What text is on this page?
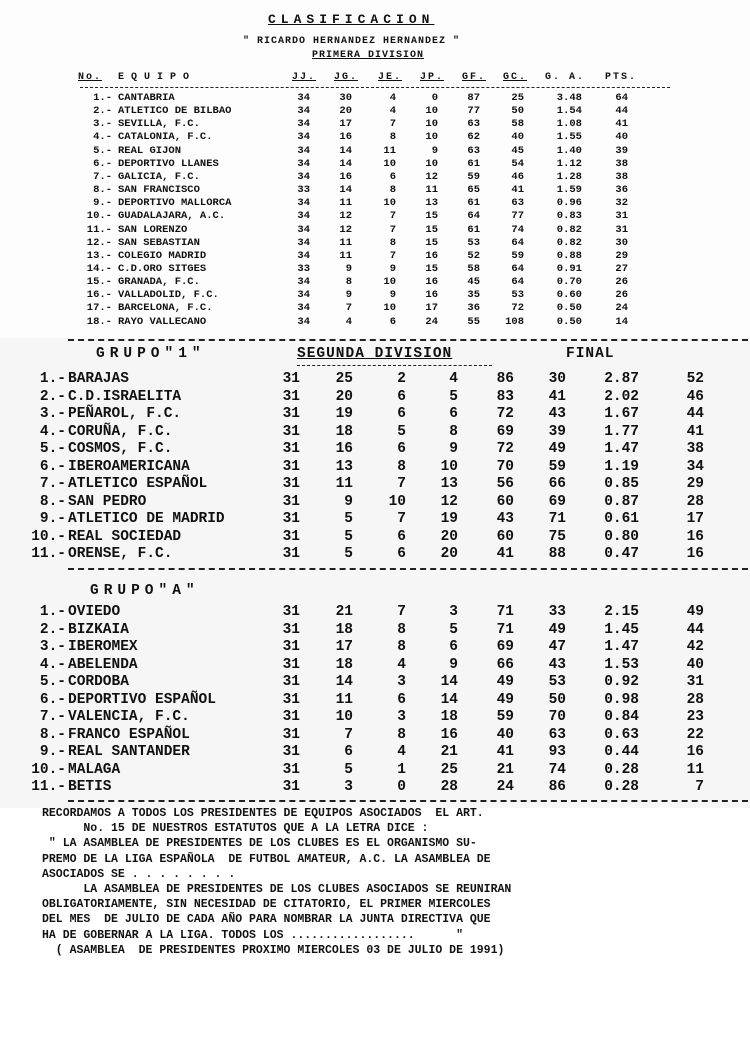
CLASIFICACION
" RICARDO HERNANDEZ HERNANDEZ "
PRIMERA DIVISION
No. EQUIPO	JJ. JG. JE. JP. GF. GC. G. A. PTS.
1.- CANTABRIA	34	30	4	0	87	25	3.48	64
2.- ATLETICO DE BILBAO	34	20	4	10	77	50	1.54	44
3.- SEVILLA, F.C.	34	17	7	10	63	58	1.08	41
4.- CATALONIA, F.C.	34	16	8	10	62	40	1.55	40
5.- REAL GIJON	34	14	11	9	63	45	1.40	39
6.- DEPORTIVO LLANES	34	14	10	10	61	54	1.12	38
7.- GALICIA, F.C.	34	16	6	12	59	46	1.28	38
8.- SAN FRANCISCO	33	14	8	11	65	41	1.59	36
9.- DEPORTIVO MALLORCA	34	11	10	13	61	63	0.96	32
10.- GUADALAJARA, A.C.	34	12	7	15	64	77	0.83	31
11.- SAN LORENZO	34	12	7	15	61	74	0.82	31
12.- SAN SEBASTIAN	34	11	8	15	53	64	0.82	30
13.- COLEGIO MADRID	34	11	7	16	52	59	0.88	29
14.- C.D.ORO SITGES	33	9	9	15	58	64	0.91	27
15.- GRANADA, F.C.	34	8	10	16	45	64	0.70	26
16.- VALLADOLID, F.C.	34	9	9	16	35	53	0.60	26
17.- BARCELONA, F.C.	34	7	10	17	36	72	0.50	24
18.- RAYO VALLECANO	34	4	6	24	55	108	0.50	14
GRUPO"1"	SEGUNDA DIVISION	FINAL
1.- BARAJAS	31	25	2	4	86	30	2.87	52
2.- C.D.ISRAELITA	31	20	6	5	83	41	2.02	46
3.- PEÑAROL, F.C.	31	19	6	6	72	43	1.67	44
4.- CORUÑA, F.C.	31	18	5	8	69	39	1.77	41
5.- COSMOS, F.C.	31	16	6	9	72	49	1.47	38
6.- IBEROAMERICANA	31	13	8	10	70	59	1.19	34
7.- ATLETICO ESPAÑOL	31	11	7	13	56	66	0.85	29
8.- SAN PEDRO	31	9	10	12	60	69	0.87	28
9.- ATLETICO DE MADRID	31	5	7	19	43	71	0.61	17
10.- REAL SOCIEDAD	31	5	6	20	60	75	0.80	16
11.- ORENSE, F.C.	31	5	6	20	41	88	0.47	16
GRUPO"A"
1.- OVIEDO	31	21	7	3	71	33	2.15	49
2.- BIZKAIA	31	18	8	5	71	49	1.45	44
3.- IBEROMEX	31	17	8	6	69	47	1.47	42
4.- ABELENDA	31	18	4	9	66	43	1.53	40
5.- CORDOBA	31	14	3	14	49	53	0.92	31
6.- DEPORTIVO ESPAÑOL	31	11	6	14	49	50	0.98	28
7.- VALENCIA, F.C.	31	10	3	18	59	70	0.84	23
8.- FRANCO ESPAÑOL	31	7	8	16	40	63	0.63	22
9.- REAL SANTANDER	31	6	4	21	41	93	0.44	16
10.- MALAGA	31	5	1	25	21	74	0.28	11
11.- BETIS	31	3	0	28	24	86	0.28	7
RECORDAMOS A TODOS LOS PRESIDENTES DE EQUIPOS ASOCIADOS  EL ART.
No. 15 DE NUESTROS ESTATUTOS QUE A LA LETRA DICE :
" LA ASAMBLEA DE PRESIDENTES DE LOS CLUBES ES EL ORGANISMO SU-
PREMO DE LA LIGA ESPAÑOLA  DE FUTBOL AMATEUR, A.C. LA ASAMBLEA DE
ASOCIADOS SE . . . . . . . .
LA ASAMBLEA DE PRESIDENTES DE LOS CLUBES ASOCIADOS SE REUNIRAN
OBLIGATORIAMENTE, SIN NECESIDAD DE CITATORIO, EL PRIMER MIERCOLES
DEL MES  DE JULIO DE CADA AÑO PARA NOMBRAR LA JUNTA DIRECTIVA QUE
HA DE GOBERNAR A LA LIGA. TODOS LOS ..................      "
( ASAMBLEA  DE PRESIDENTES PROXIMO MIERCOLES 03 DE JULIO DE 1991)
